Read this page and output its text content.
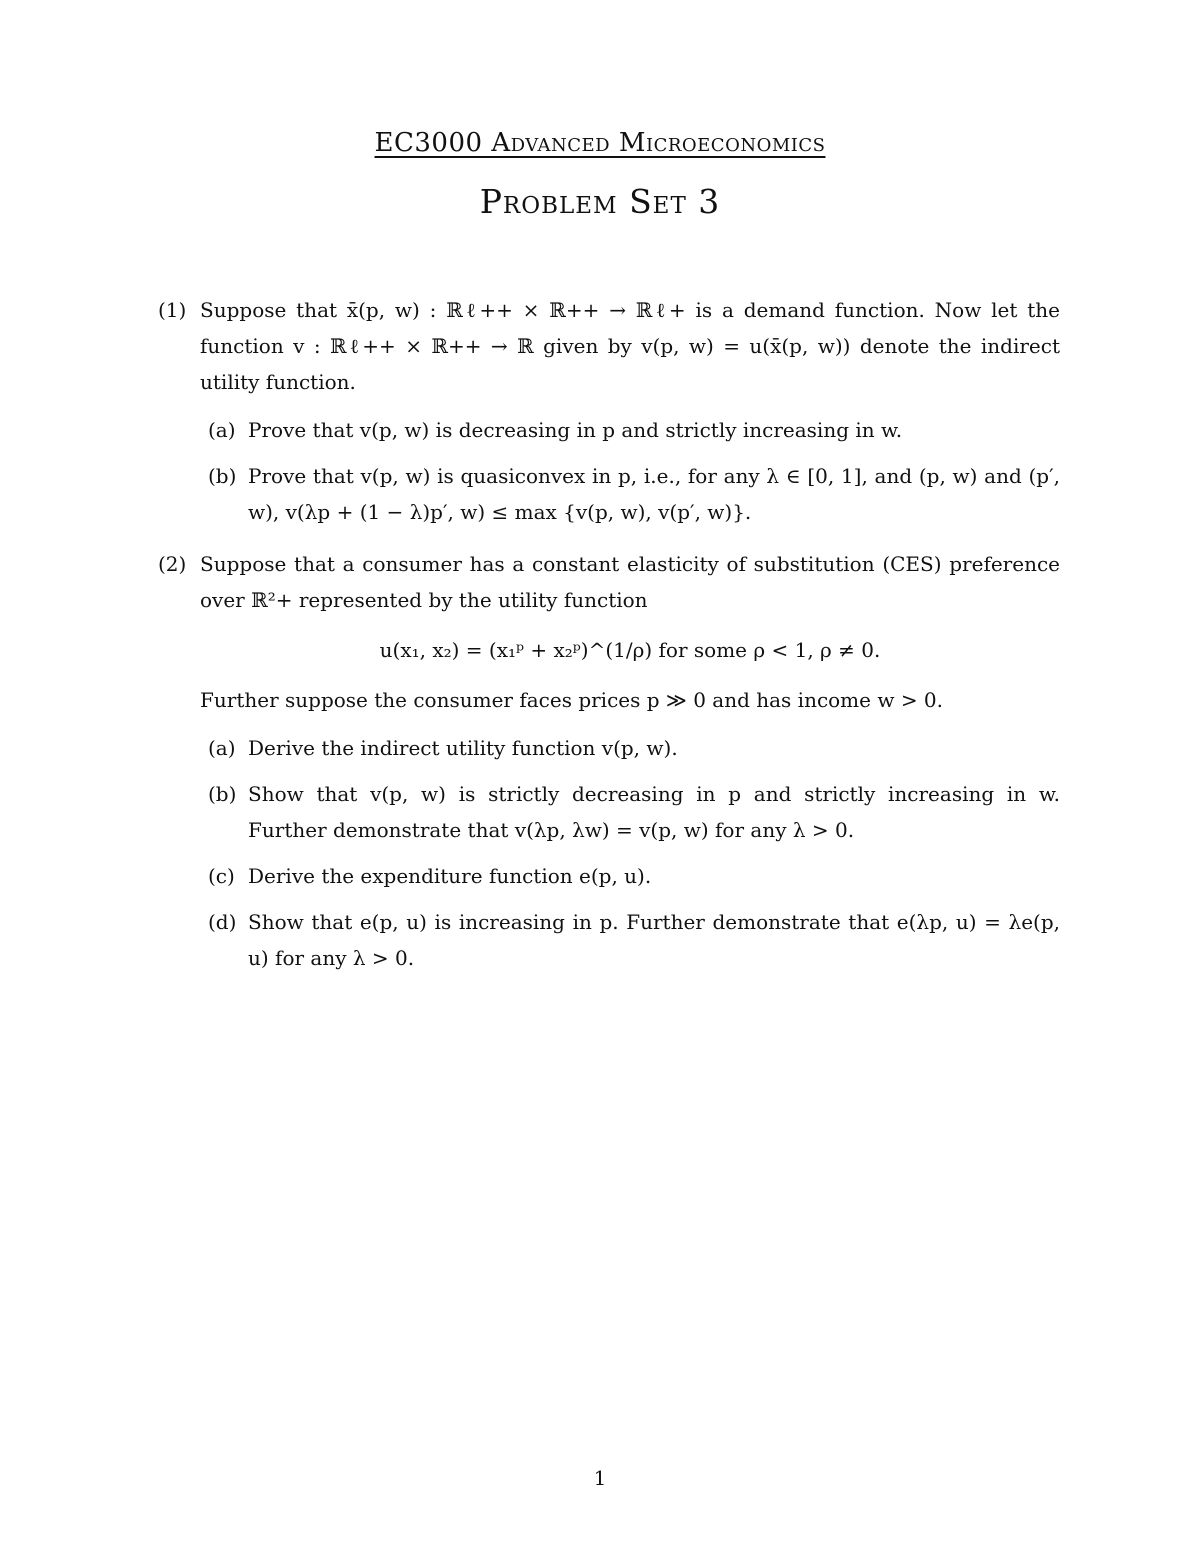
EC3000 Advanced Microeconomics
Problem Set 3
(1) Suppose that x̄(p, w) : ℝℓ++ × ℝ++ → ℝℓ+ is a demand function. Now let the function v : ℝℓ++ × ℝ++ → ℝ given by v(p, w) = u(x̄(p, w)) denote the indirect utility function.

(a) Prove that v(p, w) is decreasing in p and strictly increasing in w.
(b) Prove that v(p, w) is quasiconvex in p, i.e., for any λ ∈ [0, 1], and (p, w) and (p′, w), v(λp + (1 − λ)p′, w) ≤ max {v(p, w), v(p′, w)}.
(2) Suppose that a consumer has a constant elasticity of substitution (CES) preference over ℝ²+ represented by the utility function

u(x₁, x₂) = (x₁ᵖ + x₂ᵖ)^(1/ρ) for some ρ < 1, ρ ≠ 0.

Further suppose the consumer faces prices p ≫ 0 and has income w > 0.

(a) Derive the indirect utility function v(p, w).
(b) Show that v(p, w) is strictly decreasing in p and strictly increasing in w. Further demonstrate that v(λp, λw) = v(p, w) for any λ > 0.
(c) Derive the expenditure function e(p, u).
(d) Show that e(p, u) is increasing in p. Further demonstrate that e(λp, u) = λe(p, u) for any λ > 0.
1
